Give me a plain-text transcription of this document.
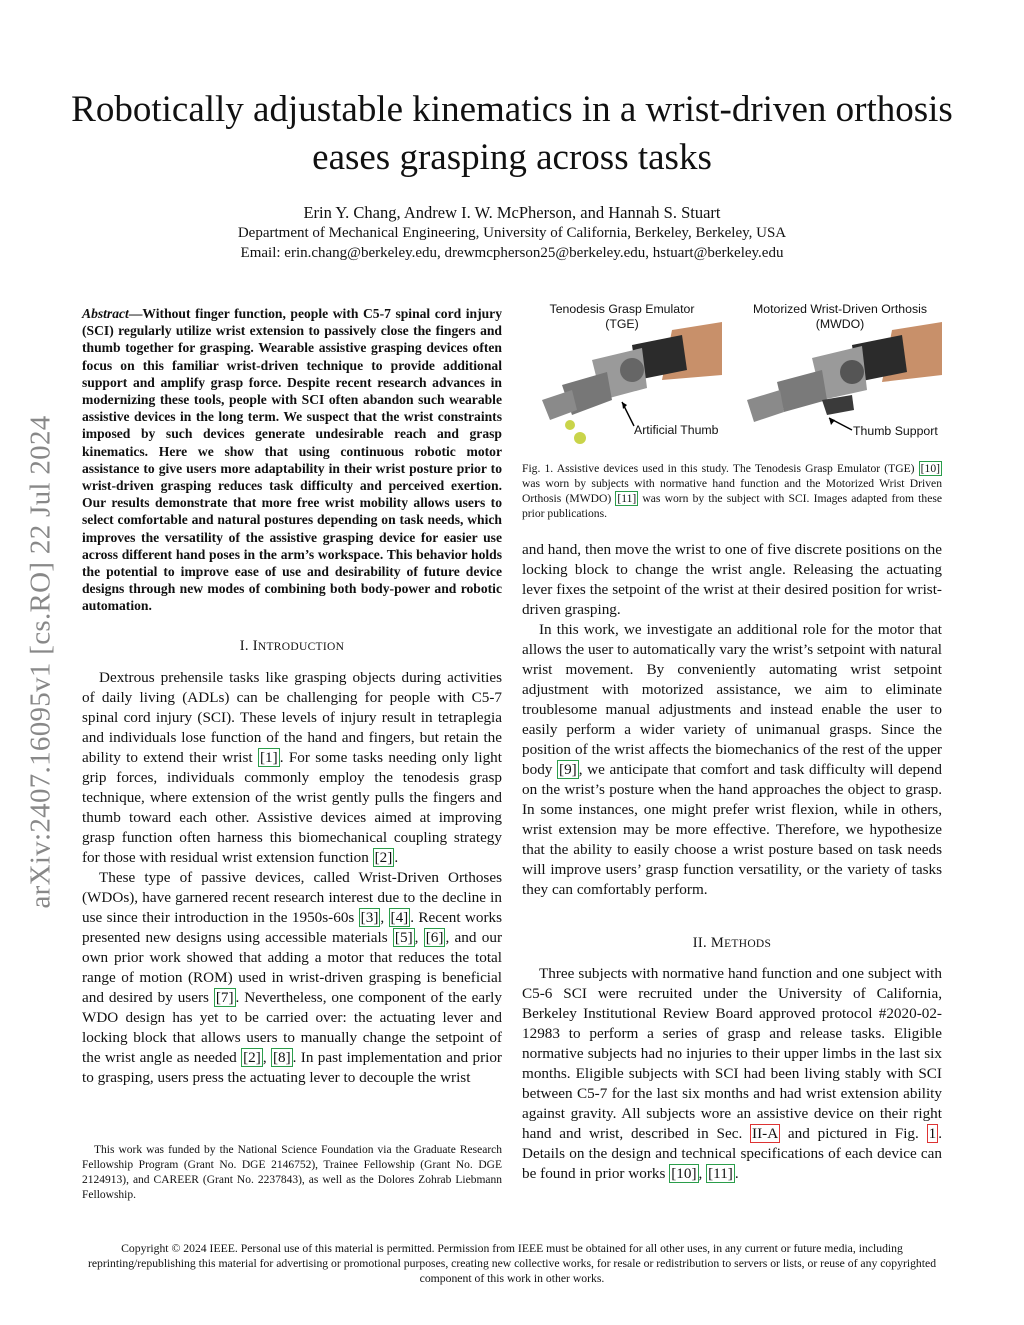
Robotically adjustable kinematics in a wrist-driven orthosis eases grasping across tasks
Erin Y. Chang, Andrew I. W. McPherson, and Hannah S. Stuart
Department of Mechanical Engineering, University of California, Berkeley, Berkeley, USA
Email: erin.chang@berkeley.edu, drewmcpherson25@berkeley.edu, hstuart@berkeley.edu
arXiv:2407.16095v1 [cs.RO] 22 Jul 2024
Abstract—Without finger function, people with C5-7 spinal cord injury (SCI) regularly utilize wrist extension to passively close the fingers and thumb together for grasping. Wearable assistive grasping devices often focus on this familiar wrist-driven technique to provide additional support and amplify grasp force. Despite recent research advances in modernizing these tools, people with SCI often abandon such wearable assistive devices in the long term. We suspect that the wrist constraints imposed by such devices generate undesirable reach and grasp kinematics. Here we show that using continuous robotic motor assistance to give users more adaptability in their wrist posture prior to wrist-driven grasping reduces task difficulty and perceived exertion. Our results demonstrate that more free wrist mobility allows users to select comfortable and natural postures depending on task needs, which improves the versatility of the assistive grasping device for easier use across different hand poses in the arm’s workspace. This behavior holds the potential to improve ease of use and desirability of future device designs through new modes of combining both body-power and robotic automation.
I. INTRODUCTION

Dextrous prehensile tasks like grasping objects during activities of daily living (ADLs) can be challenging for people with C5-7 spinal cord injury (SCI). These levels of injury result in tetraplegia and individuals lose function of the hand and fingers, but retain the ability to extend their wrist [1] . For some tasks needing only light grip forces, individuals commonly employ the tenodesis grasp technique, where extension of the wrist gently pulls the fingers and thumb toward each other. Assistive devices aimed at improving grasp function often harness this biomechanical coupling strategy for those with residual wrist extension function [2] .

These type of passive devices, called Wrist-Driven Orthoses (WDOs), have garnered recent research interest due to the decline in use since their introduction in the 1950s-60s [3] , [4] . Recent works presented new designs using accessible materials [5] , [6] , and our own prior work showed that adding a motor that reduces the total range of motion (ROM) used in wrist-driven grasping is beneficial and desired by users [7] . Nevertheless, one component of the early WDO design has yet to be carried over: the actuating lever and locking block that allows users to manually change the setpoint of the wrist angle as needed [2] , [8] . In past implementation and prior to grasping, users press the actuating lever to decouple the wrist

This work was funded by the National Science Foundation via the Graduate Research Fellowship Program (Grant No. DGE 2146752), Trainee Fellowship (Grant No. DGE 2124913), and CAREER (Grant No. 2237843), as well as the Dolores Zohrab Liebmann Fellowship.
Tenodesis Grasp Emulator
(TGE)
Motorized Wrist-Driven Orthosis
(MWDO)
Artificial Thumb	Thumb Support
Fig. 1. Assistive devices used in this study. The Tenodesis Grasp Emulator (TGE) [10] was worn by subjects with normative hand function and the Motorized Wrist Driven Orthosis (MWDO) [11] was worn by the subject with SCI. Images adapted from these prior publications.

and hand, then move the wrist to one of five discrete positions on the locking block to change the wrist angle. Releasing the actuating lever fixes the setpoint of the wrist at their desired position for wrist-driven grasping.

In this work, we investigate an additional role for the motor that allows the user to automatically vary the wrist’s setpoint with natural wrist movement. By conveniently automating wrist setpoint adjustment with motorized assistance, we aim to eliminate troublesome manual adjustments and instead enable the user to easily perform a wider variety of unimanual grasps. Since the position of the wrist affects the biomechanics of the rest of the upper body [9] , we anticipate that comfort and task difficulty will depend on the wrist’s posture when the hand approaches the object to grasp. In some instances, one might prefer wrist flexion, while in others, wrist extension may be more effective. Therefore, we hypothesize that the ability to easily choose a wrist posture based on task needs will improve users’ grasp function versatility, or the variety of tasks they can comfortably perform.

II. METHODS

Three subjects with normative hand function and one subject with C5-6 SCI were recruited under the University of California, Berkeley Institutional Review Board approved protocol #2020-02-12983 to perform a series of grasp and release tasks. Eligible normative subjects had no injuries to their upper limbs in the last six months. Eligible subjects with SCI had been living stably with SCI between C5-7 for the last six months and had wrist extension ability against gravity. All subjects wore an assistive device on their right hand and wrist, described in Sec. II-A and pictured in Fig. 1 . Details on the design and technical specifications of each device can be found in prior works [10] , [11] .

Copyright © 2024 IEEE. Personal use of this material is permitted. Permission from IEEE must be obtained for all other uses, in any current or future media, including reprinting/republishing this material for advertising or promotional purposes, creating new collective works, for resale or redistribution to servers or lists, or reuse of any copyrighted component of this work in other works.
